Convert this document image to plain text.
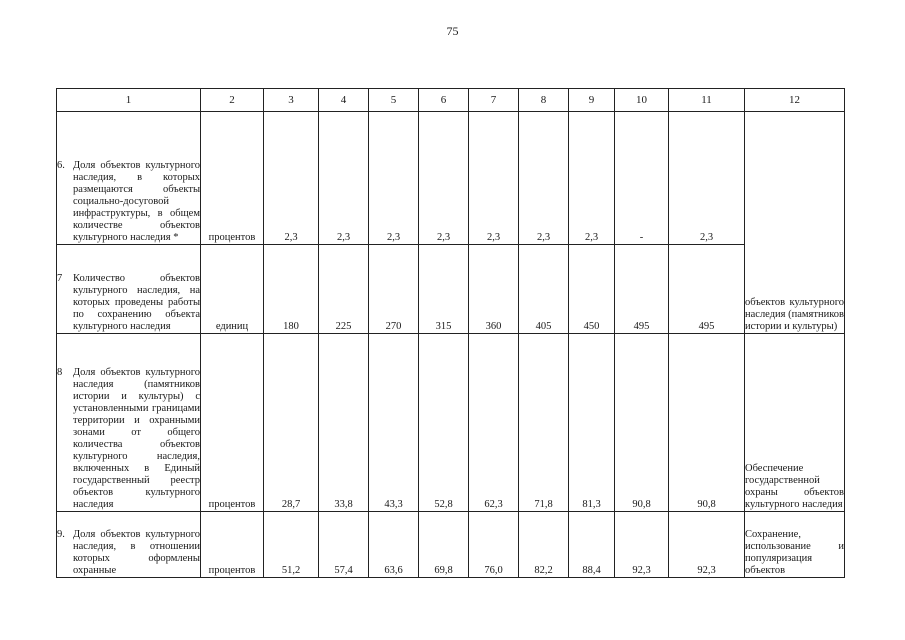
75
1	2	3	4	5	6	7	8	9	10	11	12

6. Доля объектов культурного наследия, в которых размещаются объекты социально-досуговой инфраструктуры, в общем количестве объектов культурного наследия *	процентов	2,3	2,3	2,3	2,3	2,3	2,3	2,3	-	2,3	объектов культурного наследия (памятников истории и культуры)

7 Количество объектов культурного наследия, на которых проведены работы по сохранению объекта культурного наследия	единиц	180	225	270	315	360	405	450	495	495	

8 Доля объектов культурного наследия (памятников истории и культуры) с установленными границами территории и охранными зонами от общего количества объектов культурного наследия, включенных в Единый государственный реестр объектов культурного наследия	процентов	28,7	33,8	43,3	52,8	62,3	71,8	81,3	90,8	90,8	Обеспечение государственной охраны объектов культурного наследия

9. Доля объектов культурного наследия, в отношении которых оформлены охранные	процентов	51,2	57,4	63,6	69,8	76,0	82,2	88,4	92,3	92,3	Сохранение, использование и популяризация объектов
